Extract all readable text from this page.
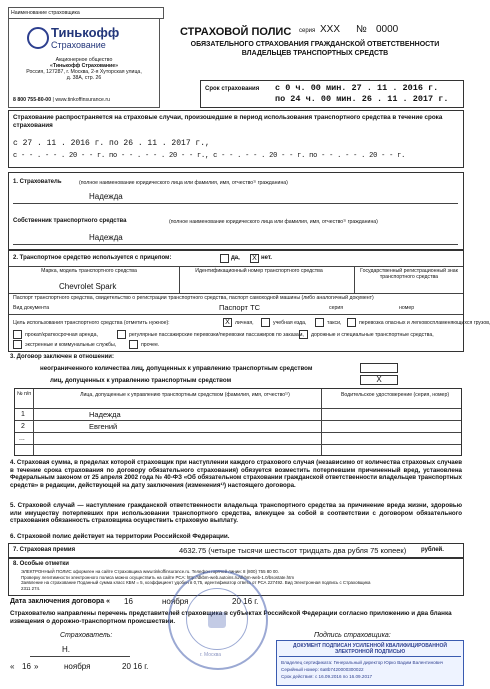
Наименование страховщика
Тинькофф
Страхование
Акционерное общество
«Тинькофф Страхование»
Россия, 127287, г. Москва, 2-я Хуторская улица,
д. 38А, стр. 26
8 800 755-80-00 | www.tinkoffinsurance.ru
СТРАХОВОЙ ПОЛИС серия XXX № 0000
ОБЯЗАТЕЛЬНОГО СТРАХОВАНИЯ ГРАЖДАНСКОЙ ОТВЕТСТВЕННОСТИ ВЛАДЕЛЬЦЕВ ТРАНСПОРТНЫХ СРЕДСТВ
Срок страхования с 0 ч. 00 мин. 27 . 11 . 2016 г.
по 24 ч. 00 мин. 26 . 11 . 2017 г.
Страхование распространяется на страховые случаи, произошедшие в период использования транспортного средства в течение срока страхования
с 27 . 11 . 2016 г. по 26 . 11 . 2017 г.,
с - - . - - . 20 - - г. по - - . - - . 20 - - г., с - - . - - . 20 - - г. по - - . - - . 20 - - г.
1. Страхователь	(полное наименование юридического лица или фамилия, имя, отчество¹⁾ гражданина)
Надежда
Собственник транспортного средства	(полное наименование юридического лица или фамилия, имя, отчество¹⁾ гражданина)
Надежда
2. Транспортное средство используется с прицепом:	да,	X нет.
Марка, модель транспортного средства	Идентификационный номер транспортного средства	Государственный регистрационный знак транспортного средства
Chevrolet Spark
Паспорт транспортного средства, свидетельство о регистрации транспортного средства, паспорт самоходной машины (либо аналогичный документ)
Вид документа	Паспорт ТС	серия	номер
Цель использования транспортного средства (отметить нужное):	X личная,	учебная езда,	такси,	перевозка опасных и легковоспламеняющихся грузов,
прокат/краткосрочная аренда,	регулярные пассажирские перевозки/перевозки пассажиров по заказам, дорожные и специальные транспортные средства,
экстренные и коммунальные службы,	прочее.
3. Договор заключен в отношении:
неограниченного количества лиц, допущенных к управлению транспортным средством
лиц, допущенных к управлению транспортным средством	X
№ п/п	Лица, допущенные к управлению транспортным средством (фамилия, имя, отчество¹⁾)	Водительское удостоверение (серия, номер)
1	Надежда
2	Евгений
...
4. Страховая сумма, в пределах которой страховщик при наступлении каждого страхового случая (независимо от количества страховых случаев в течение срока страхования по договору обязательного страхования) обязуется возместить потерпевшим причиненный вред, установлена Федеральным законом от 25 апреля 2002 года № 40-ФЗ «Об обязательном страховании гражданской ответственности владельцев транспортных средств» в редакции, действующей на дату заключения (изменения¹⁾) настоящего договора.
5. Страховой случай — наступление гражданской ответственности владельца транспортного средства за причинение вреда жизни, здоровью или имуществу потерпевших при использовании транспортного средства, влекущее за собой в соответствии с договором обязательного страхования обязанность страховщика осуществить страховую выплату.
6. Страховой полис действует на территории Российской Федерации.
7. Страховая премия	4632.75 (четыре тысячи шестьсот тридцать два рубля 75 копеек) рублей.
8. Особые отметки
ЭЛЕКТРОННЫЙ ПОЛИС оформлен на сайте Страховщика www.tinkoffinsurance.ru. Телефон горячей линии: 8 (800) 755 80 00.
Проверку легитимности электронного полиса можно осуществить на сайте РСА: http://dkbm-web.autoins.ru/dkbm-web-1.0/bsostate.htm
Заявление на страхование Поданный сумма класс КБМ = 5, коэффициент удобен в 0,75, идентификатор ответа от РСА 227492. Вид Электронная подпись с Страховщика
2311 274.
Дата заключения договора « 16	ноября	20 16 г.
Страхователю направлены перечень представителей страховщика в субъектах Российской Федерации согласно приложению и два бланка извещения о дорожно-транспортном происшествии.
Страхователь:
Н.
« 16 »	ноября	20 16 г.
г. Москва
Подпись страховщика:
ДОКУМЕНТ ПОДПИСАН УСИЛЕННОЙ КВАЛИФИЦИРОВАННОЙ ЭЛЕКТРОННОЙ ПОДПИСЬЮ
Владелец сертификата: Генеральный директор Юрко Вадим Валентинович
Серийный номер: 6a8b7420000300022
Срок действия: с 16.09.2016 по 16.09.2017
